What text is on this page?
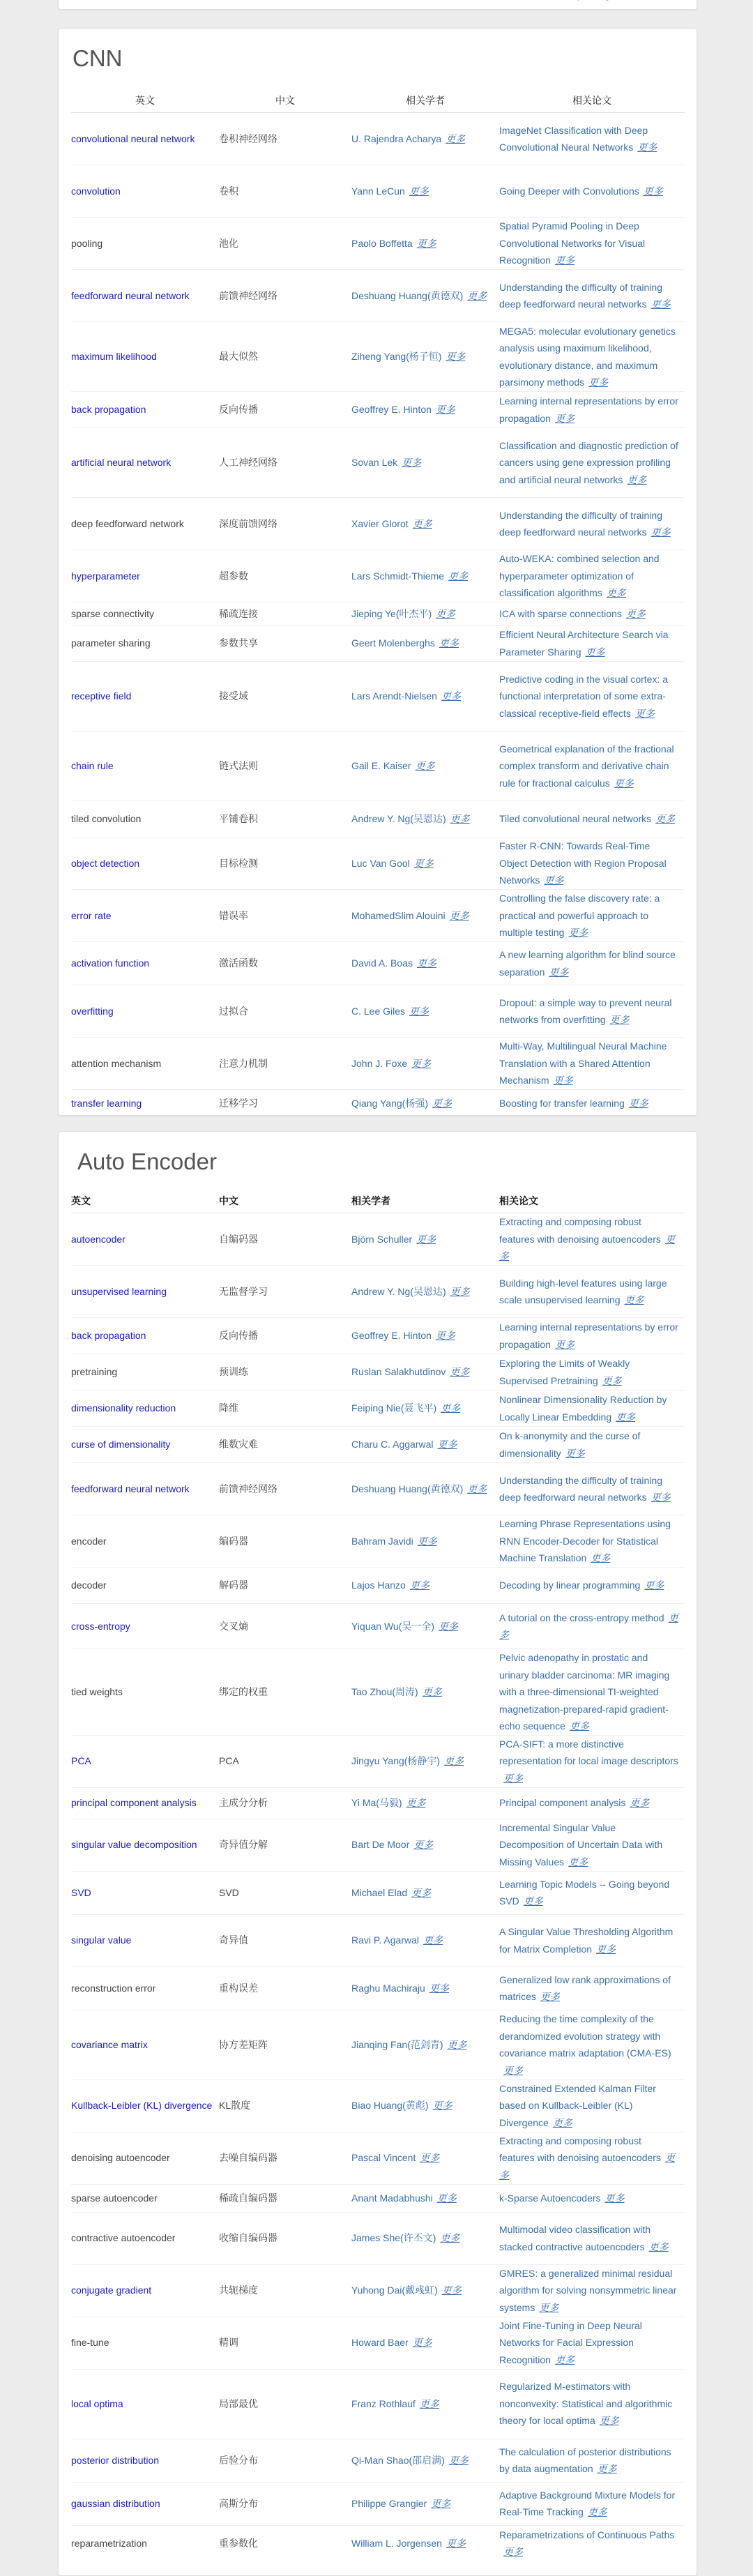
CNN
英文	中文	相关学者	相关论文

convolutional neural network	卷积神经网络	U. Rajendra Acharya 更多	ImageNet Classification with Deep Convolutional Neural Networks 更多

convolution	卷积	Yann LeCun 更多	Going Deeper with Convolutions 更多

pooling	池化	Paolo Boffetta 更多	Spatial Pyramid Pooling in Deep Convolutional Networks for Visual Recognition 更多

feedforward neural network	前馈神经网络	Deshuang Huang(黄德双) 更多	Understanding the difficulty of training deep feedforward neural networks 更多

maximum likelihood	最大似然	Ziheng Yang(杨子恒) 更多	MEGA5: molecular evolutionary genetics analysis using maximum likelihood, evolutionary distance, and maximum parsimony methods 更多

back propagation	反向传播	Geoffrey E. Hinton 更多	Learning internal representations by error propagation 更多

artificial neural network	人工神经网络	Sovan Lek 更多	Classification and diagnostic prediction of cancers using gene expression profiling and artificial neural networks 更多

deep feedforward network	深度前馈网络	Xavier Glorot 更多	Understanding the difficulty of training deep feedforward neural networks 更多

hyperparameter	超参数	Lars Schmidt-Thieme 更多	Auto-WEKA: combined selection and hyperparameter optimization of classification algorithms 更多

sparse connectivity	稀疏连接	Jieping Ye(叶杰平) 更多	ICA with sparse connections 更多

parameter sharing	参数共享	Geert Molenberghs 更多	Efficient Neural Architecture Search via Parameter Sharing 更多

receptive field	接受域	Lars Arendt-Nielsen 更多	Predictive coding in the visual cortex: a functional interpretation of some extra-classical receptive-field effects 更多

chain rule	链式法则	Gail E. Kaiser 更多	Geometrical explanation of the fractional complex transform and derivative chain rule for fractional calculus 更多

tiled convolution	平铺卷积	Andrew Y. Ng(吴恩达) 更多	Tiled convolutional neural networks 更多

object detection	目标检测	Luc Van Gool 更多	Faster R-CNN: Towards Real-Time Object Detection with Region Proposal Networks 更多

error rate	错误率	MohamedSlim Alouini 更多	Controlling the false discovery rate: a practical and powerful approach to multiple testing 更多

activation function	激活函数	David A. Boas 更多	A new learning algorithm for blind source separation 更多

overfitting	过拟合	C. Lee Giles 更多	Dropout: a simple way to prevent neural networks from overfitting 更多

attention mechanism	注意力机制	John J. Foxe 更多	Multi-Way, Multilingual Neural Machine Translation with a Shared Attention Mechanism 更多

transfer learning	迁移学习	Qiang Yang(杨强) 更多	Boosting for transfer learning 更多
Auto Encoder
英文	中文	相关学者	相关论文

autoencoder	自编码器	Björn Schuller 更多	Extracting and composing robust features with denoising autoencoders 更多

unsupervised learning	无监督学习	Andrew Y. Ng(吴恩达) 更多	Building high-level features using large scale unsupervised learning 更多

back propagation	反向传播	Geoffrey E. Hinton 更多	Learning internal representations by error propagation 更多

pretraining	预训练	Ruslan Salakhutdinov 更多	Exploring the Limits of Weakly Supervised Pretraining 更多

dimensionality reduction	降维	Feiping Nie(聂飞平) 更多	Nonlinear Dimensionality Reduction by Locally Linear Embedding 更多

curse of dimensionality	维数灾难	Charu C. Aggarwal 更多	On k-anonymity and the curse of dimensionality 更多

feedforward neural network	前馈神经网络	Deshuang Huang(黄德双) 更多	Understanding the difficulty of training deep feedforward neural networks 更多

encoder	编码器	Bahram Javidi 更多	Learning Phrase Representations using RNN Encoder-Decoder for Statistical Machine Translation 更多

decoder	解码器	Lajos Hanzo 更多	Decoding by linear programming 更多

cross-entropy	交叉熵	Yiquan Wu(吴一全) 更多	A tutorial on the cross-entropy method 更多

tied weights	绑定的权重	Tao Zhou(周涛) 更多	Pelvic adenopathy in prostatic and urinary bladder carcinoma: MR imaging with a three-dimensional TI-weighted magnetization-prepared-rapid gradient-echo sequence 更多

PCA	PCA	Jingyu Yang(杨静宇) 更多	PCA-SIFT: a more distinctive representation for local image descriptors更多

principal component analysis	主成分分析	Yi Ma(马毅) 更多	Principal component analysis 更多

singular value decomposition	奇异值分解	Bart De Moor 更多	Incremental Singular Value Decomposition of Uncertain Data with Missing Values 更多

SVD	SVD	Michael Elad 更多	Learning Topic Models -- Going beyond SVD 更多

singular value	奇异值	Ravi P. Agarwal 更多	A Singular Value Thresholding Algorithm for Matrix Completion 更多

reconstruction error	重构误差	Raghu Machiraju 更多	Generalized low rank approximations of matrices 更多

covariance matrix	协方差矩阵	Jianqing Fan(范剑青) 更多	Reducing the time complexity of the derandomized evolution strategy with covariance matrix adaptation (CMA-ES)更多

Kullback-Leibler (KL) divergence	KL散度	Biao Huang(黄彪) 更多	Constrained Extended Kalman Filter based on Kullback-Leibler (KL) Divergence 更多

denoising autoencoder	去噪自编码器	Pascal Vincent 更多	Extracting and composing robust features with denoising autoencoders 更多

sparse autoencoder	稀疏自编码器	Anant Madabhushi 更多	k-Sparse Autoencoders 更多

contractive autoencoder	收缩自编码器	James She(许丕文) 更多	Multimodal video classification with stacked contractive autoencoders 更多

conjugate gradient	共轭梯度	Yuhong Dai(戴彧虹) 更多	GMRES: a generalized minimal residual algorithm for solving nonsymmetric linear systems 更多

fine-tune	精调	Howard Baer 更多	Joint Fine-Tuning in Deep Neural Networks for Facial Expression Recognition 更多

local optima	局部最优	Franz Rothlauf 更多	Regularized M-estimators with nonconvexity: Statistical and algorithmic theory for local optima 更多

posterior distribution	后验分布	Qi-Man Shao(邵启满) 更多	The calculation of posterior distributions by data augmentation 更多

gaussian distribution	高斯分布	Philippe Grangier 更多	Adaptive Background Mixture Models for Real-Time Tracking 更多

reparametrization	重参数化	William L. Jorgensen 更多	Reparametrizations of Continuous Paths更多
